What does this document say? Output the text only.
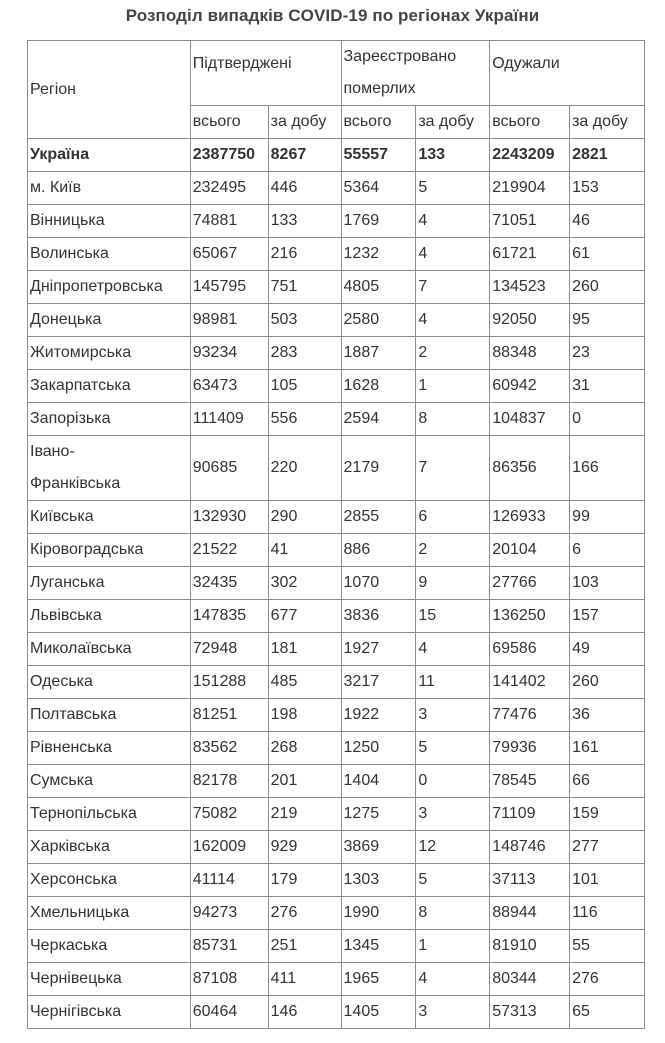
Розподіл випадків COVID-19 по регіонах України
Регіон	Підтверджені		Зареєстровано померлих		Одужали	
	всього	за добу	всього	за добу	всього	за добу
Україна	2387750	8267	55557	133	2243209	2821
м. Київ	232495	446	5364	5	219904	153
Вінницька	74881	133	1769	4	71051	46
Волинська	65067	216	1232	4	61721	61
Дніпропетровська	145795	751	4805	7	134523	260
Донецька	98981	503	2580	4	92050	95
Житомирська	93234	283	1887	2	88348	23
Закарпатська	63473	105	1628	1	60942	31
Запорізька	111409	556	2594	8	104837	0
Івано-
Франківська	90685	220	2179	7	86356	166
Київська	132930	290	2855	6	126933	99
Кіровоградська	21522	41	886	2	20104	6
Луганська	32435	302	1070	9	27766	103
Львівська	147835	677	3836	15	136250	157
Миколаївська	72948	181	1927	4	69586	49
Одеська	151288	485	3217	11	141402	260
Полтавська	81251	198	1922	3	77476	36
Рівненська	83562	268	1250	5	79936	161
Сумська	82178	201	1404	0	78545	66
Тернопільська	75082	219	1275	3	71109	159
Харківська	162009	929	3869	12	148746	277
Херсонська	41114	179	1303	5	37113	101
Хмельницька	94273	276	1990	8	88944	116
Черкаська	85731	251	1345	1	81910	55
Чернівецька	87108	411	1965	4	80344	276
Чернігівська	60464	146	1405	3	57313	65
